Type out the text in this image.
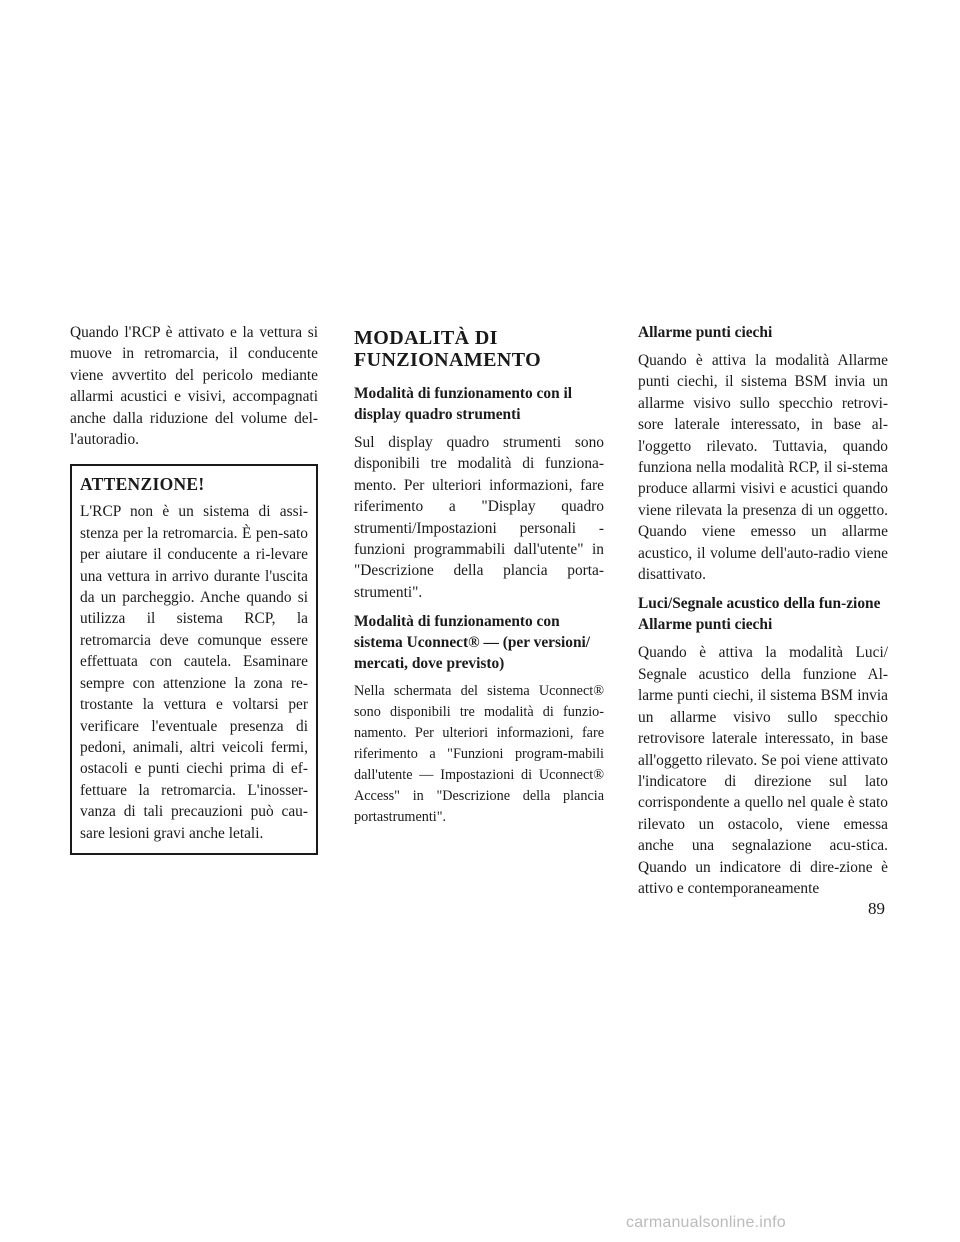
Quando l'RCP è attivato e la vettura si muove in retromarcia, il conducente viene avvertito del pericolo mediante allarmi acustici e visivi, accompagnati anche dalla riduzione del volume del-l'autoradio.

ATTENZIONE!

L'RCP non è un sistema di assi-stenza per la retromarcia. È pen-sato per aiutare il conducente a ri-levare una vettura in arrivo durante l'uscita da un parcheggio. Anche quando si utilizza il sistema RCP, la retromarcia deve comunque essere effettuata con cautela. Esaminare sempre con attenzione la zona re-trostante la vettura e voltarsi per verificare l'eventuale presenza di pedoni, animali, altri veicoli fermi, ostacoli e punti ciechi prima di ef-fettuare la retromarcia. L'inosser-vanza di tali precauzioni può cau-sare lesioni gravi anche letali.

MODALITÀ DI FUNZIONAMENTO
Modalità di funzionamento con il display quadro strumenti

Sul display quadro strumenti sono disponibili tre modalità di funziona-mento. Per ulteriori informazioni, fare riferimento a "Display quadro strumenti/Impostazioni personali - funzioni programmabili dall'utente" in "Descrizione della plancia porta-strumenti".

Modalità di funzionamento con sistema Uconnect® — (per versioni/ mercati, dove previsto)

Nella schermata del sistema Uconnect® sono disponibili tre modalità di funzio-namento. Per ulteriori informazioni, fare riferimento a "Funzioni program-mabili dall'utente — Impostazioni di Uconnect® Access" in "Descrizione della plancia portastrumenti".

Allarme punti ciechi

Quando è attiva la modalità Allarme punti ciechi, il sistema BSM invia un allarme visivo sullo specchio retrovi-sore laterale interessato, in base al-l'oggetto rilevato. Tuttavia, quando funziona nella modalità RCP, il si-stema produce allarmi visivi e acustici quando viene rilevata la presenza di un oggetto. Quando viene emesso un allarme acustico, il volume dell'auto-radio viene disattivato.

Luci/Segnale acustico della fun-zione Allarme punti ciechi

Quando è attiva la modalità Luci/ Segnale acustico della funzione Al-larme punti ciechi, il sistema BSM invia un allarme visivo sullo specchio retrovisore laterale interessato, in base all'oggetto rilevato. Se poi viene attivato l'indicatore di direzione sul lato corrispondente a quello nel quale è stato rilevato un ostacolo, viene emessa anche una segnalazione acu-stica. Quando un indicatore di dire-zione è attivo e contemporaneamente

89
carmanualsonline.info
